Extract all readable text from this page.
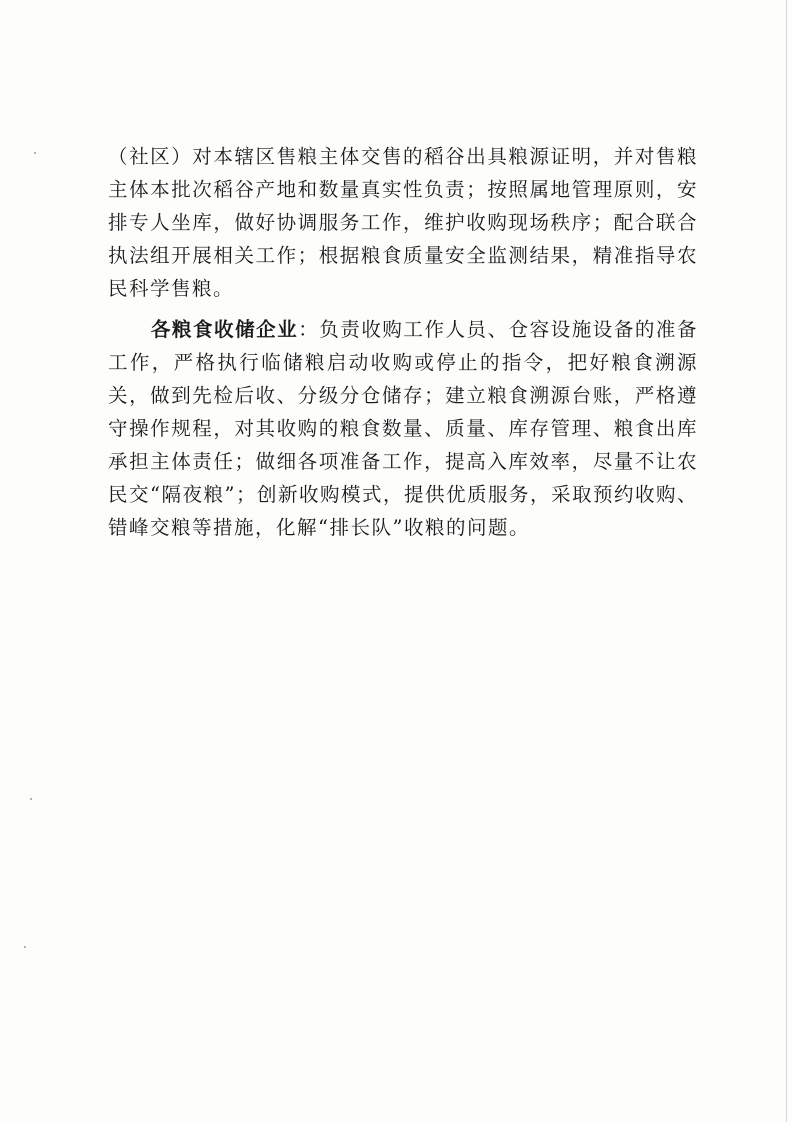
（社区）对本辖区售粮主体交售的稻谷出具粮源证明，并对售粮主体本批次稻谷产地和数量真实性负责；按照属地管理原则，安排专人坐库，做好协调服务工作，维护收购现场秩序；配合联合执法组开展相关工作；根据粮食质量安全监测结果，精准指导农民科学售粮。

各粮食收储企业：负责收购工作人员、仓容设施设备的准备工作，严格执行临储粮启动收购或停止的指令，把好粮食溯源关，做到先检后收、分级分仓储存；建立粮食溯源台账，严格遵守操作规程，对其收购的粮食数量、质量、库存管理、粮食出库承担主体责任；做细各项准备工作，提高入库效率，尽量不让农民交“隔夜粮”；创新收购模式，提供优质服务，采取预约收购、错峰交粮等措施，化解“排长队”收粮的问题。
